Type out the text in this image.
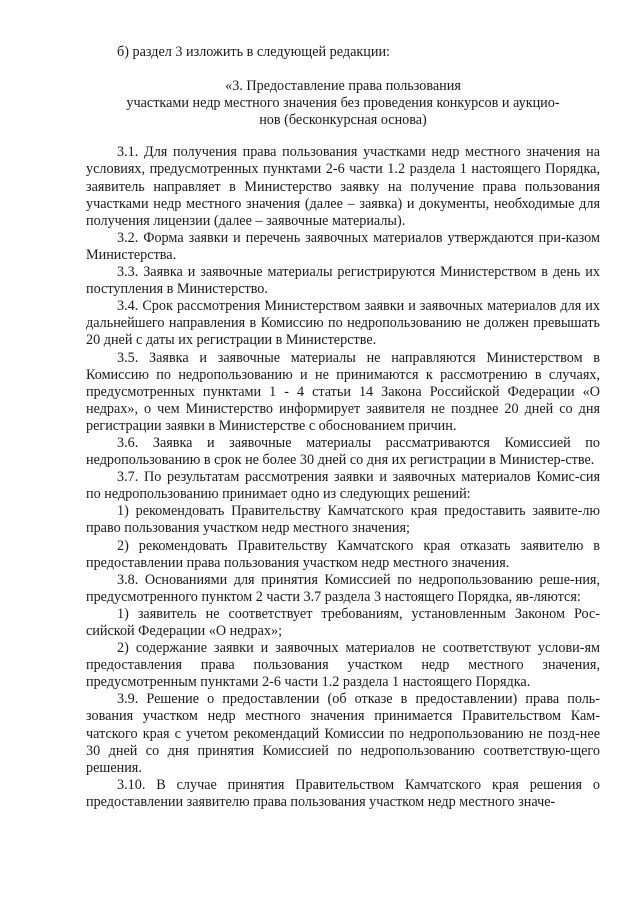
б) раздел 3 изложить в следующей редакции:

«3. Предоставление права пользования
участками недр местного значения без проведения конкурсов и аукцио-
нов (бесконкурсная основа)

3.1. Для получения права пользования участками недр местного значения на условиях, предусмотренных пунктами 2-6 части 1.2 раздела 1 настоящего Порядка, заявитель направляет в Министерство заявку на получение права пользования участками недр местного значения (далее – заявка) и документы, необходимые для получения лицензии (далее – заявочные материалы).

3.2. Форма заявки и перечень заявочных материалов утверждаются при-казом Министерства.

3.3. Заявка и заявочные материалы регистрируются Министерством в день их поступления в Министерство.

3.4. Срок рассмотрения Министерством заявки и заявочных материалов для их дальнейшего направления в Комиссию по недропользованию не должен превышать 20 дней с даты их регистрации в Министерстве.

3.5. Заявка и заявочные материалы не направляются Министерством в Комиссию по недропользованию и не принимаются к рассмотрению в случаях, предусмотренных пунктами 1 - 4 статьи 14 Закона Российской Федерации «О недрах», о чем Министерство информирует заявителя не позднее 20 дней со дня регистрации заявки в Министерстве с обоснованием причин.

3.6. Заявка и заявочные материалы рассматриваются Комиссией по недропользованию в срок не более 30 дней со дня их регистрации в Министер-стве.

3.7. По результатам рассмотрения заявки и заявочных материалов Комис-сия по недропользованию принимает одно из следующих решений:

1) рекомендовать Правительству Камчатского края предоставить заявите-лю право пользования участком недр местного значения;

2) рекомендовать Правительству Камчатского края отказать заявителю в предоставлении права пользования участком недр местного значения.

3.8. Основаниями для принятия Комиссией по недропользованию реше-ния, предусмотренного пунктом 2 части 3.7 раздела 3 настоящего Порядка, яв-ляются:

1) заявитель не соответствует требованиям, установленным Законом Рос-сийской Федерации «О недрах»;

2) содержание заявки и заявочных материалов не соответствуют услови-ям предоставления права пользования участком недр местного значения, предусмотренным пунктами 2-6 части 1.2 раздела 1 настоящего Порядка.

3.9. Решение о предоставлении (об отказе в предоставлении) права поль-зования участком недр местного значения принимается Правительством Кам-чатского края с учетом рекомендаций Комиссии по недропользованию не позд-нее 30 дней со дня принятия Комиссией по недропользованию соответствую-щего решения.

3.10. В случае принятия Правительством Камчатского края решения о предоставлении заявителю права пользования участком недр местного значе-
